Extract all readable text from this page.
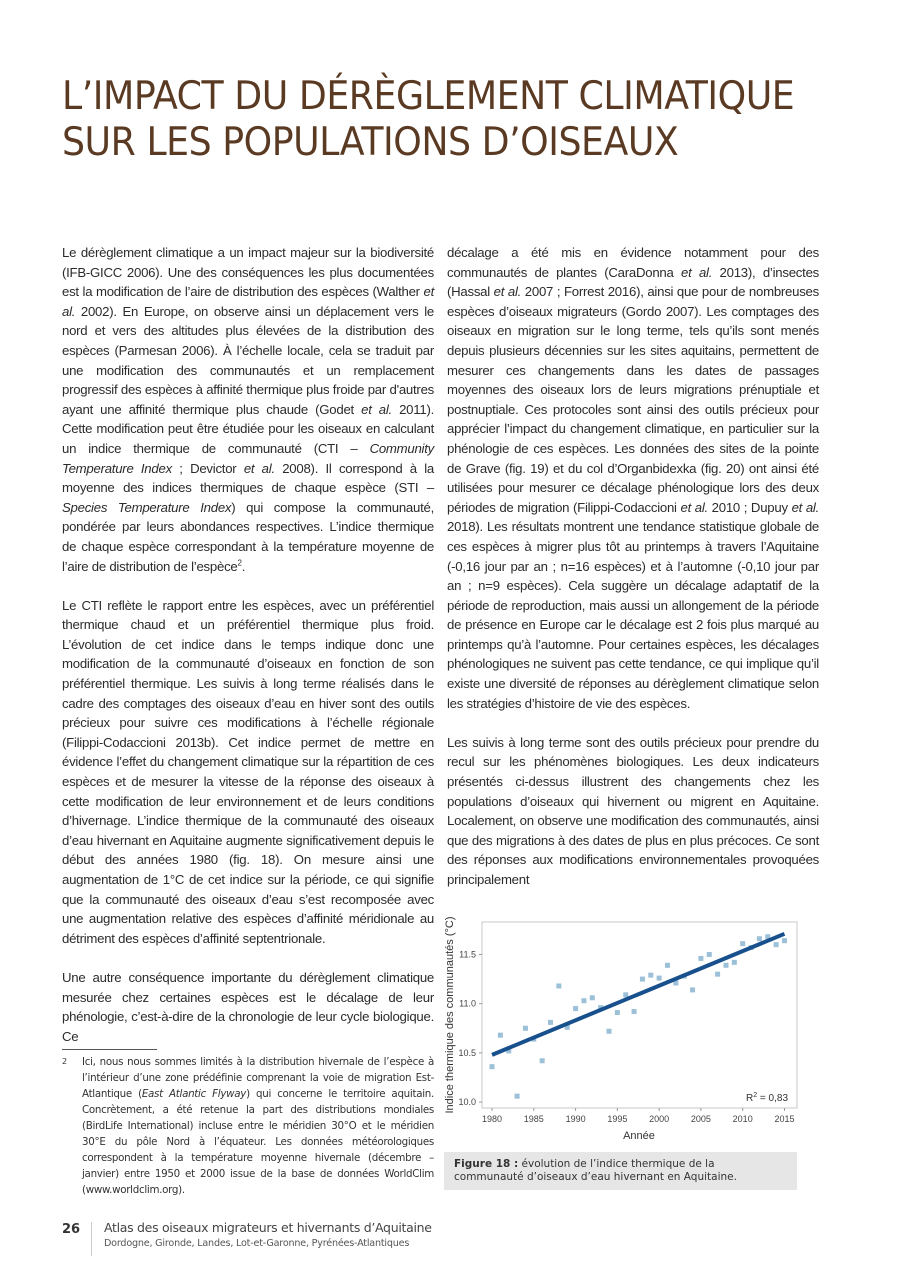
L’IMPACT DU DÉRÈGLEMENT CLIMATIQUE
SUR LES POPULATIONS D’OISEAUX

Le dérèglement climatique a un impact majeur sur la biodiversité (IFB-GICC 2006). Une des conséquences les plus documentées est la modification de l’aire de distribution des espèces (Walther et al. 2002). En Europe, on observe ainsi un déplacement vers le nord et vers des altitudes plus élevées de la distribution des espèces (Parmesan 2006). À l’échelle locale, cela se traduit par une modification des communautés et un remplacement progressif des espèces à affinité thermique plus froide par d'autres ayant une affinité thermique plus chaude (Godet et al. 2011). Cette modification peut être étudiée pour les oiseaux en calculant un indice thermique de communauté (CTI – Community Temperature Index ; Devictor et al. 2008). Il correspond à la moyenne des indices thermiques de chaque espèce (STI – Species Temperature Index) qui compose la communauté, pondérée par leurs abondances respectives. L’indice thermique de chaque espèce correspondant à la température moyenne de l’aire de distribution de l’espèce$^2$.

Le CTI reflète le rapport entre les espèces, avec un préférentiel thermique chaud et un préférentiel thermique plus froid. L’évolution de cet indice dans le temps indique donc une modification de la communauté d’oiseaux en fonction de son préférentiel thermique. Les suivis à long terme réalisés dans le cadre des comptages des oiseaux d’eau en hiver sont des outils précieux pour suivre ces modifications à l’échelle régionale (Filippi-Codaccioni 2013b). Cet indice permet de mettre en évidence l’effet du changement climatique sur la répartition de ces espèces et de mesurer la vitesse de la réponse des oiseaux à cette modification de leur environnement et de leurs conditions d’hivernage. L’indice thermique de la communauté des oiseaux d’eau hivernant en Aquitaine augmente significativement depuis le début des années 1980 (fig. 18). On mesure ainsi une augmentation de 1°C de cet indice sur la période, ce qui signifie que la communauté des oiseaux d’eau s’est recomposée avec une augmentation relative des espèces d’affinité méridionale au détriment des espèces d’affinité septentrionale.

Une autre conséquence importante du dérèglement climatique mesurée chez certaines espèces est le décalage de leur phénologie, c’est-à-dire de la chronologie de leur cycle biologique. Ce

décalage a été mis en évidence notamment pour des communautés de plantes (CaraDonna et al. 2013), d’insectes (Hassal et al. 2007 ; Forrest 2016), ainsi que pour de nombreuses espèces d’oiseaux migrateurs (Gordo 2007). Les comptages des oiseaux en migration sur le long terme, tels qu’ils sont menés depuis plusieurs décennies sur les sites aquitains, permettent de mesurer ces changements dans les dates de passages moyennes des oiseaux lors de leurs migrations prénuptiale et postnuptiale. Ces protocoles sont ainsi des outils précieux pour apprécier l’impact du changement climatique, en particulier sur la phénologie de ces espèces. Les données des sites de la pointe de Grave (fig. 19) et du col d’Organbidexka (fig. 20) ont ainsi été utilisées pour mesurer ce décalage phénologique lors des deux périodes de migration (Filippi-Codaccioni et al. 2010 ; Dupuy et al. 2018). Les résultats montrent une tendance statistique globale de ces espèces à migrer plus tôt au printemps à travers l’Aquitaine (-0,16 jour par an ; n=16 espèces) et à l’automne (-0,10 jour par an ; n=9 espèces). Cela suggère un décalage adaptatif de la période de reproduction, mais aussi un allongement de la période de présence en Europe car le décalage est 2 fois plus marqué au printemps qu’à l’automne. Pour certaines espèces, les décalages phénologiques ne suivent pas cette tendance, ce qui implique qu’il existe une diversité de réponses au dérèglement climatique selon les stratégies d’histoire de vie des espèces.

Les suivis à long terme sont des outils précieux pour prendre du recul sur les phénomènes biologiques. Les deux indicateurs présentés ci-dessus illustrent des changements chez les populations d’oiseaux qui hivernent ou migrent en Aquitaine. Localement, on observe une modification des communautés, ainsi que des migrations à des dates de plus en plus précoces. Ce sont des réponses aux modifications environnementales provoquées principalement

2 Ici, nous nous sommes limités à la distribution hivernale de l’espèce à l’intérieur d’une zone prédéfinie comprenant la voie de migration Est-Atlantique (East Atlantic Flyway) qui concerne le territoire aquitain. Concrètement, a été retenue la part des distributions mondiales (BirdLife International) incluse entre le méridien 30°O et le méridien 30°E du pôle Nord à l’équateur. Les données météorologiques correspondent à la température moyenne hivernale (décembre – janvier) entre 1950 et 2000 issue de la base de données WorldClim (www.worldclim.org).
10.0
10.5
11.0
11.5
1980 1985 1990 1995 2000 2005 2010 2015
$R^2 = 0,83$
Année
Indice thermique des communautés (°C)
Figure 18 : évolution de l’indice thermique de la communauté d’oiseaux d’eau hivernant en Aquitaine.
26 Atlas des oiseaux migrateurs et hivernants d’Aquitaine
Dordogne, Gironde, Landes, Lot-et-Garonne, Pyrénées-Atlantiques
